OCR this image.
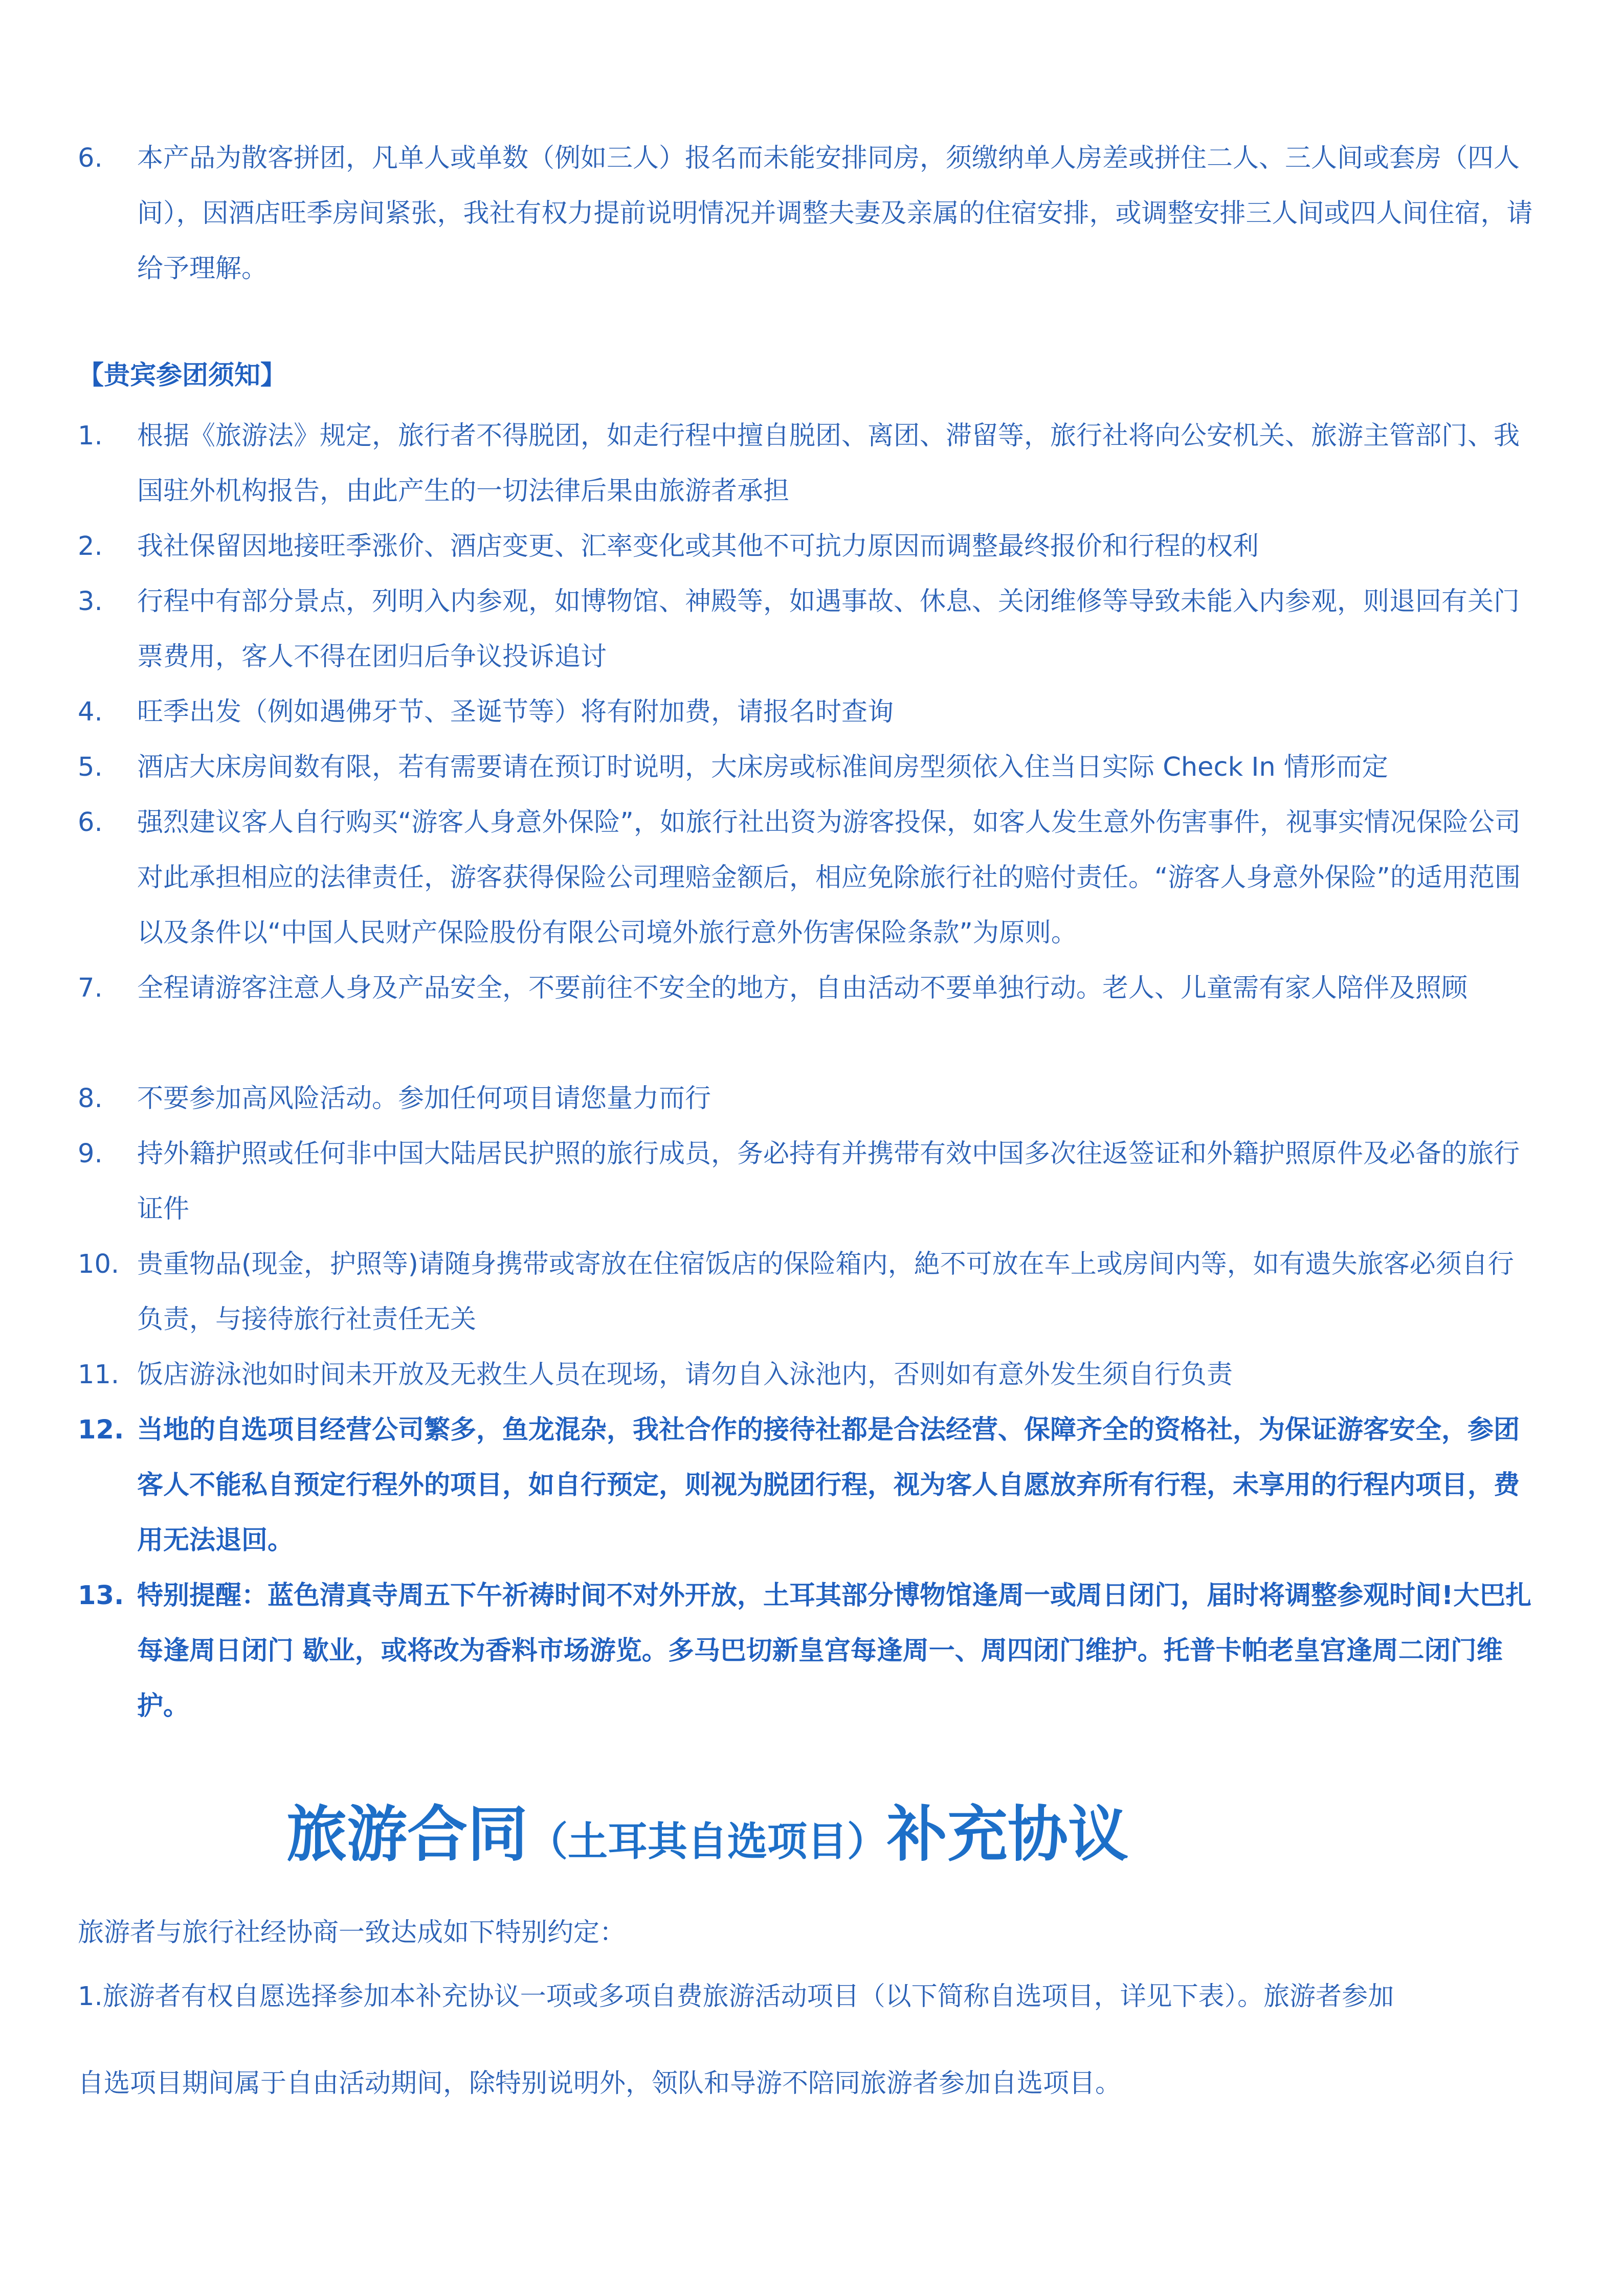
6. 本产品为散客拼团，凡单人或单数（例如三人）报名而未能安排同房，须缴纳单人房差或拼住二人、三人间或套房（四人间），因酒店旺季房间紧张，我社有权力提前说明情况并调整夫妻及亲属的住宿安排，或调整安排三人间或四人间住宿，请给予理解。
【贵宾参团须知】
1. 根据《旅游法》规定，旅行者不得脱团，如走行程中擅自脱团、离团、滞留等，旅行社将向公安机关、旅游主管部门、我国驻外机构报告，由此产生的一切法律后果由旅游者承担
2. 我社保留因地接旺季涨价、酒店变更、汇率变化或其他不可抗力原因而调整最终报价和行程的权利
3. 行程中有部分景点，列明入内参观，如博物馆、神殿等，如遇事故、休息、关闭维修等导致未能入内参观，则退回有关门票费用，客人不得在团归后争议投诉追讨
4. 旺季出发（例如遇佛牙节、圣诞节等）将有附加费，请报名时查询
5. 酒店大床房间数有限，若有需要请在预订时说明，大床房或标准间房型须依入住当日实际 Check In 情形而定
6. 强烈建议客人自行购买“游客人身意外保险”，如旅行社出资为游客投保，如客人发生意外伤害事件，视事实情况保险公司对此承担相应的法律责任，游客获得保险公司理赔金额后，相应免除旅行社的赔付责任。“游客人身意外保险”的适用范围以及条件以“中国人民财产保险股份有限公司境外旅行意外伤害保险条款”为原则。
7. 全程请游客注意人身及产品安全，不要前往不安全的地方，自由活动不要单独行动。老人、儿童需有家人陪伴及照顾
8. 不要参加高风险活动。参加任何项目请您量力而行
9. 持外籍护照或任何非中国大陆居民护照的旅行成员，务必持有并携带有效中国多次往返签证和外籍护照原件及必备的旅行证件
10. 贵重物品(现金，护照等)请随身携带或寄放在住宿饭店的保险箱内，絶不可放在车上或房间内等，如有遗失旅客必须自行负责，与接待旅行社责任无关
11. 饭店游泳池如时间未开放及无救生人员在现场，请勿自入泳池内，否则如有意外发生须自行负责
12. 当地的自选项目经营公司繁多，鱼龙混杂，我社合作的接待社都是合法经营、保障齐全的资格社，为保证游客安全，参团客人不能私自预定行程外的项目，如自行预定，则视为脱团行程，视为客人自愿放弃所有行程，未享用的行程内项目，费用无法退回。
13. 特别提醒：蓝色清真寺周五下午祈祷时间不对外开放，土耳其部分博物馆逢周一或周日闭门，届时将调整参观时间!大巴扎每逢周日闭门 歇业，或将改为香料市场游览。多马巴切新皇宫每逢周一、周四闭门维护。托普卡帕老皇宫逢周二闭门维护。
旅游合同（土耳其自选项目）补充协议
旅游者与旅行社经协商一致达成如下特别约定：
1.旅游者有权自愿选择参加本补充协议一项或多项自费旅游活动项目（以下简称自选项目，详见下表）。旅游者参加
自选项目期间属于自由活动期间，除特别说明外，领队和导游不陪同旅游者参加自选项目。
